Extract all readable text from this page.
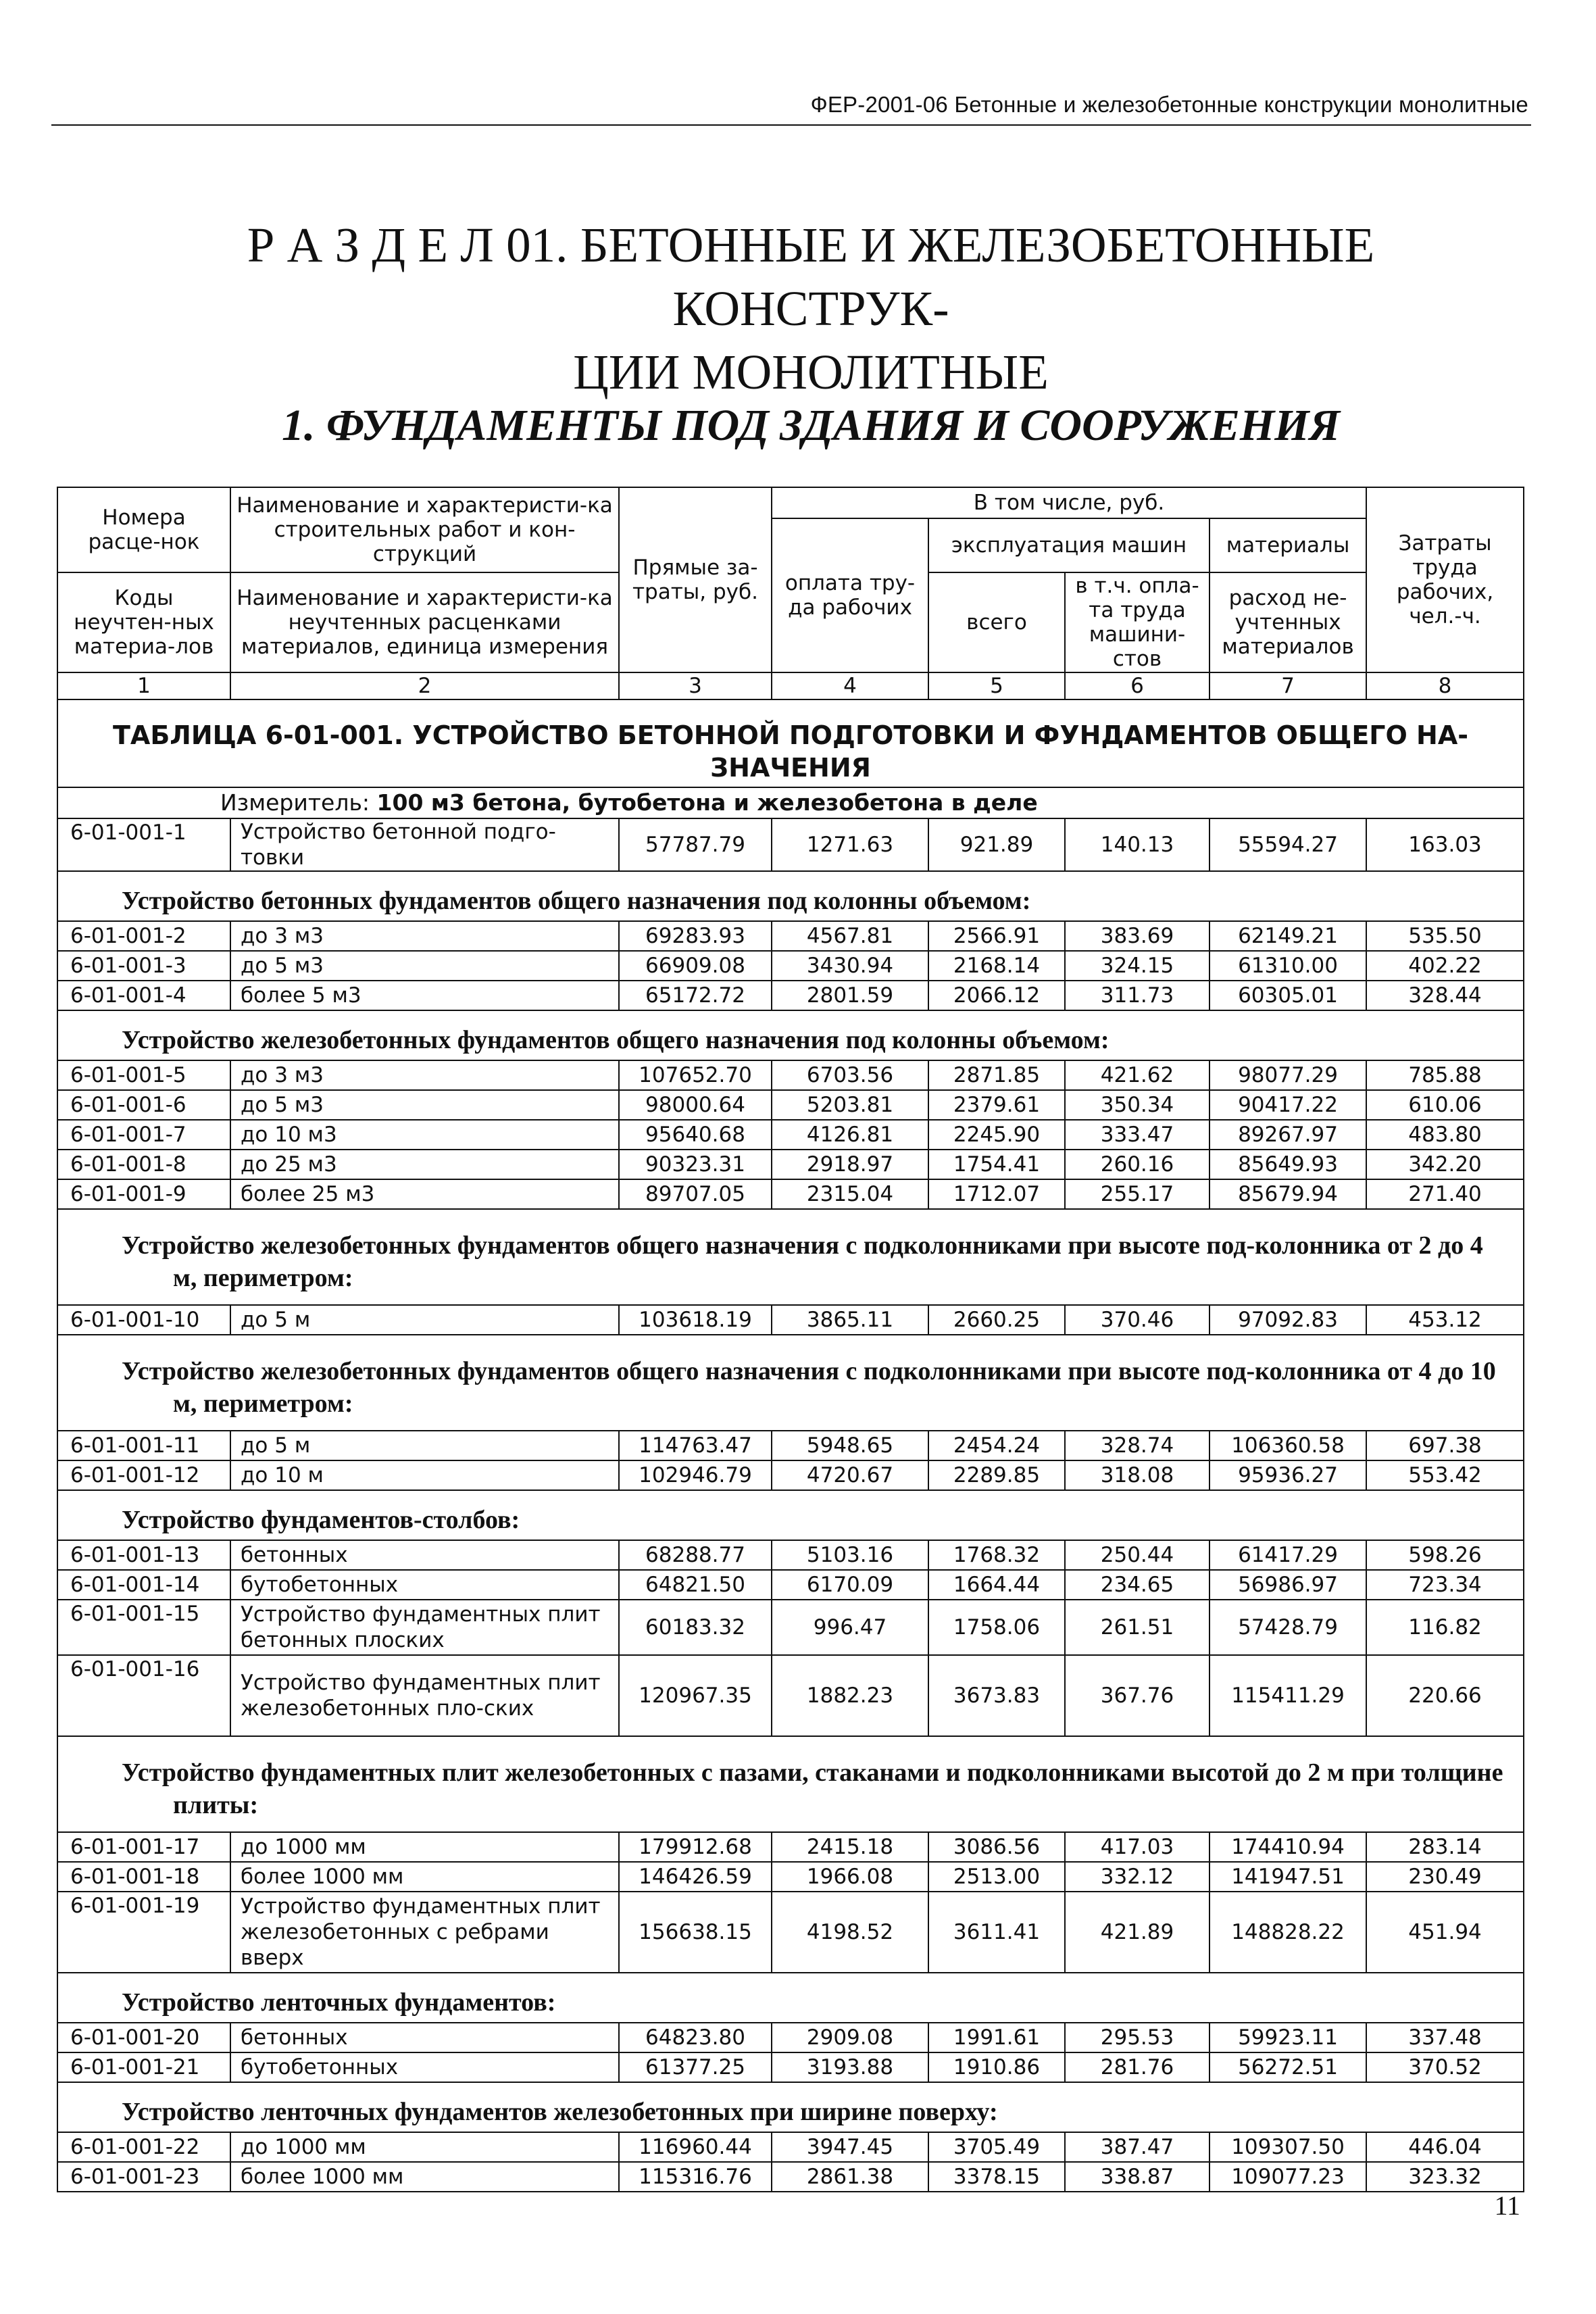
ФЕР-2001-06 Бетонные и железобетонные конструкции монолитные
Р А З Д Е Л 01. БЕТОННЫЕ И ЖЕЛЕЗОБЕТОННЫЕ КОНСТРУК-
ЦИИ МОНОЛИТНЫЕ
1. ФУНДАМЕНТЫ ПОД ЗДАНИЯ И СООРУЖЕНИЯ
Номера расце-нок	Наименование и характеристи-ка строительных работ и кон-струкций	Прямые за-траты, руб.	В том числе, руб.				Затраты труда рабочих, чел.-ч.
			оплата тру-да рабочих	эксплуатация машин		материалы	
Коды неучтен-ных материа-лов	Наименование и характеристи-ка неучтенных расценками материалов, единица измерения			всего	в т.ч. опла-та труда машини-стов	расход не-учтенных материалов	

1	2	3	4	5	6	7	8

ТАБЛИЦА 6-01-001. УСТРОЙСТВО БЕТОННОЙ ПОДГОТОВКИ И ФУНДАМЕНТОВ ОБЩЕГО НА-
ЗНАЧЕНИЯ							

Измеритель: 100 м3 бетона, бутобетона и железобетона в деле							
6-01-001-1	Устройство бетонной подго-товки	57787.79	1271.63	921.89	140.13	55594.27	163.03
Устройство бетонных фундаментов общего назначения под колонны объемом:							
6-01-001-2	до 3 м3	69283.93	4567.81	2566.91	383.69	62149.21	535.50
6-01-001-3	до 5 м3	66909.08	3430.94	2168.14	324.15	61310.00	402.22
6-01-001-4	более 5 м3	65172.72	2801.59	2066.12	311.73	60305.01	328.44
Устройство железобетонных фундаментов общего назначения под колонны объемом:							
6-01-001-5	до 3 м3	107652.70	6703.56	2871.85	421.62	98077.29	785.88
6-01-001-6	до 5 м3	98000.64	5203.81	2379.61	350.34	90417.22	610.06
6-01-001-7	до 10 м3	95640.68	4126.81	2245.90	333.47	89267.97	483.80
6-01-001-8	до 25 м3	90323.31	2918.97	1754.41	260.16	85649.93	342.20
6-01-001-9	более 25 м3	89707.05	2315.04	1712.07	255.17	85679.94	271.40
Устройство железобетонных фундаментов общего назначения с подколонниками при высоте под-колонника от 2 до 4 м, периметром:							
6-01-001-10	до 5 м	103618.19	3865.11	2660.25	370.46	97092.83	453.12
Устройство железобетонных фундаментов общего назначения с подколонниками при высоте под-колонника от 4 до 10 м, периметром:							
6-01-001-11	до 5 м	114763.47	5948.65	2454.24	328.74	106360.58	697.38
6-01-001-12	до 10 м	102946.79	4720.67	2289.85	318.08	95936.27	553.42
Устройство фундаментов-столбов:							
6-01-001-13	бетонных	68288.77	5103.16	1768.32	250.44	61417.29	598.26
6-01-001-14	бутобетонных	64821.50	6170.09	1664.44	234.65	56986.97	723.34
6-01-001-15	Устройство фундаментных плит бетонных плоских	60183.32	996.47	1758.06	261.51	57428.79	116.82
6-01-001-16	Устройство фундаментных плит железобетонных пло-ских	120967.35	1882.23	3673.83	367.76	115411.29	220.66
Устройство фундаментных плит железобетонных с пазами, стаканами и подколонниками высотой до 2 м при толщине плиты:							
6-01-001-17	до 1000 мм	179912.68	2415.18	3086.56	417.03	174410.94	283.14
6-01-001-18	более 1000 мм	146426.59	1966.08	2513.00	332.12	141947.51	230.49
6-01-001-19	Устройство фундаментных плит железобетонных с ребрами вверх	156638.15	4198.52	3611.41	421.89	148828.22	451.94
Устройство ленточных фундаментов:							
6-01-001-20	бетонных	64823.80	2909.08	1991.61	295.53	59923.11	337.48
6-01-001-21	бутобетонных	61377.25	3193.88	1910.86	281.76	56272.51	370.52
Устройство ленточных фундаментов железобетонных при ширине поверху:							
6-01-001-22	до 1000 мм	116960.44	3947.45	3705.49	387.47	109307.50	446.04
6-01-001-23	более 1000 мм	115316.76	2861.38	3378.15	338.87	109077.23	323.32
11
